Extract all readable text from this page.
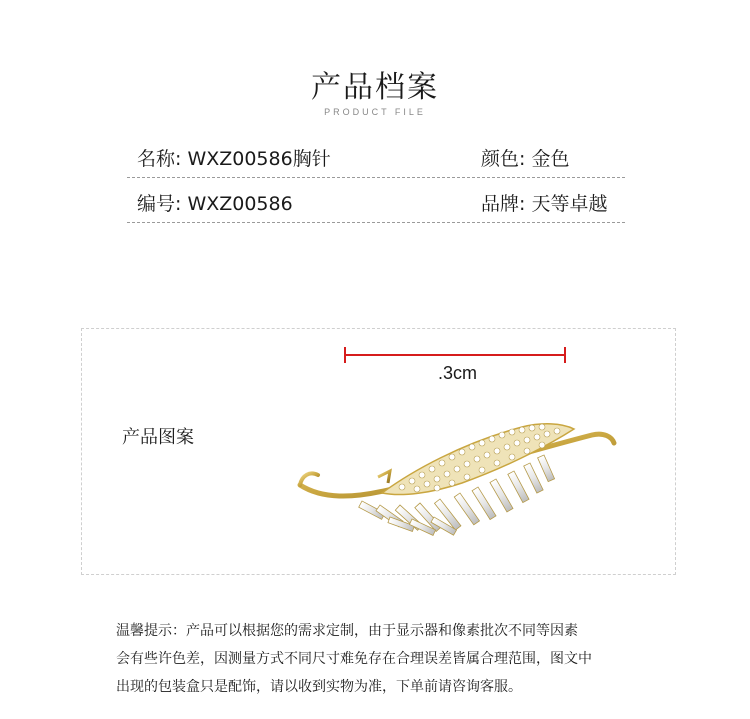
产品档案
PRODUCT FILE
名称: WXZ00586胸针	颜色: 金色
编号: WXZ00586	品牌: 天等卓越
产品图案
.3cm
温馨提示：产品可以根据您的需求定制，由于显示器和像素批次不同等因素
会有些许色差，因测量方式不同尺寸难免存在合理误差皆属合理范围，图文中
出现的包装盒只是配饰，请以收到实物为准，下单前请咨询客服。
